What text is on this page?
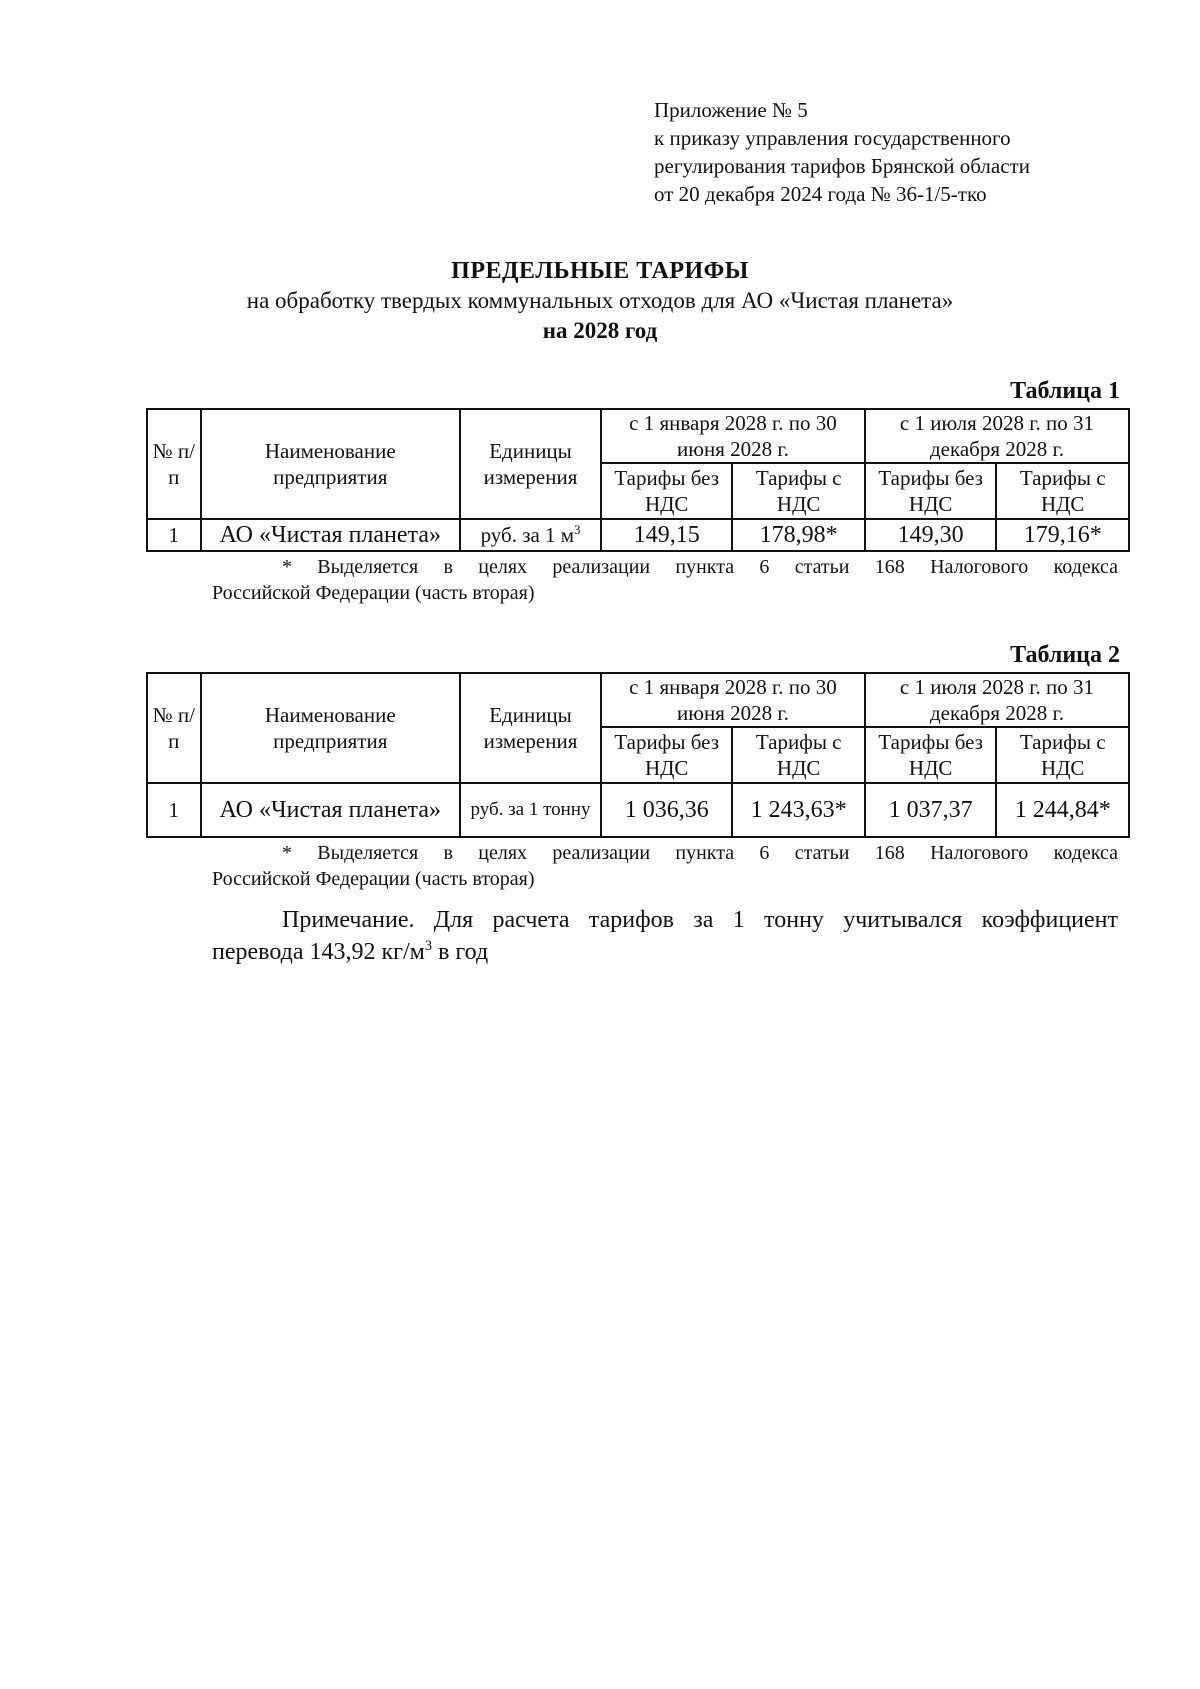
Приложение № 5
к приказу управления государственного
регулирования тарифов Брянской области
от 20 декабря 2024 года № 36-1/5-тко
ПРЕДЕЛЬНЫЕ ТАРИФЫ
на обработку твердых коммунальных отходов для АО «Чистая планета»
на 2028 год
Таблица 1
№ п/п	Наименование предприятия	Единицы измерения	с 1 января 2028 г. по 30 июня 2028 г.		с 1 июля 2028 г. по 31 декабря 2028 г.	
			Тарифы без НДС	Тарифы с НДС	Тарифы без НДС	Тарифы с НДС
1	АО «Чистая планета»	руб. за 1 $м^3$	149,15	178,98*	149,30	179,16*
* Выделяется в целях реализации пункта 6 статьи 168 Налогового кодекса
Российской Федерации (часть вторая)
Таблица 2
№ п/п	Наименование предприятия	Единицы измерения	с 1 января 2028 г. по 30 июня 2028 г.		с 1 июля 2028 г. по 31 декабря 2028 г.	
			Тарифы без НДС	Тарифы с НДС	Тарифы без НДС	Тарифы с НДС
1	АО «Чистая планета»	руб. за 1 тонну	1 036,36	1 243,63*	1 037,37	1 244,84*
* Выделяется в целях реализации пункта 6 статьи 168 Налогового кодекса
Российской Федерации (часть вторая)
Примечание. Для расчета тарифов за 1 тонну учитывался коэффициент
перевода 143,92 $кг/м^3$ в год
